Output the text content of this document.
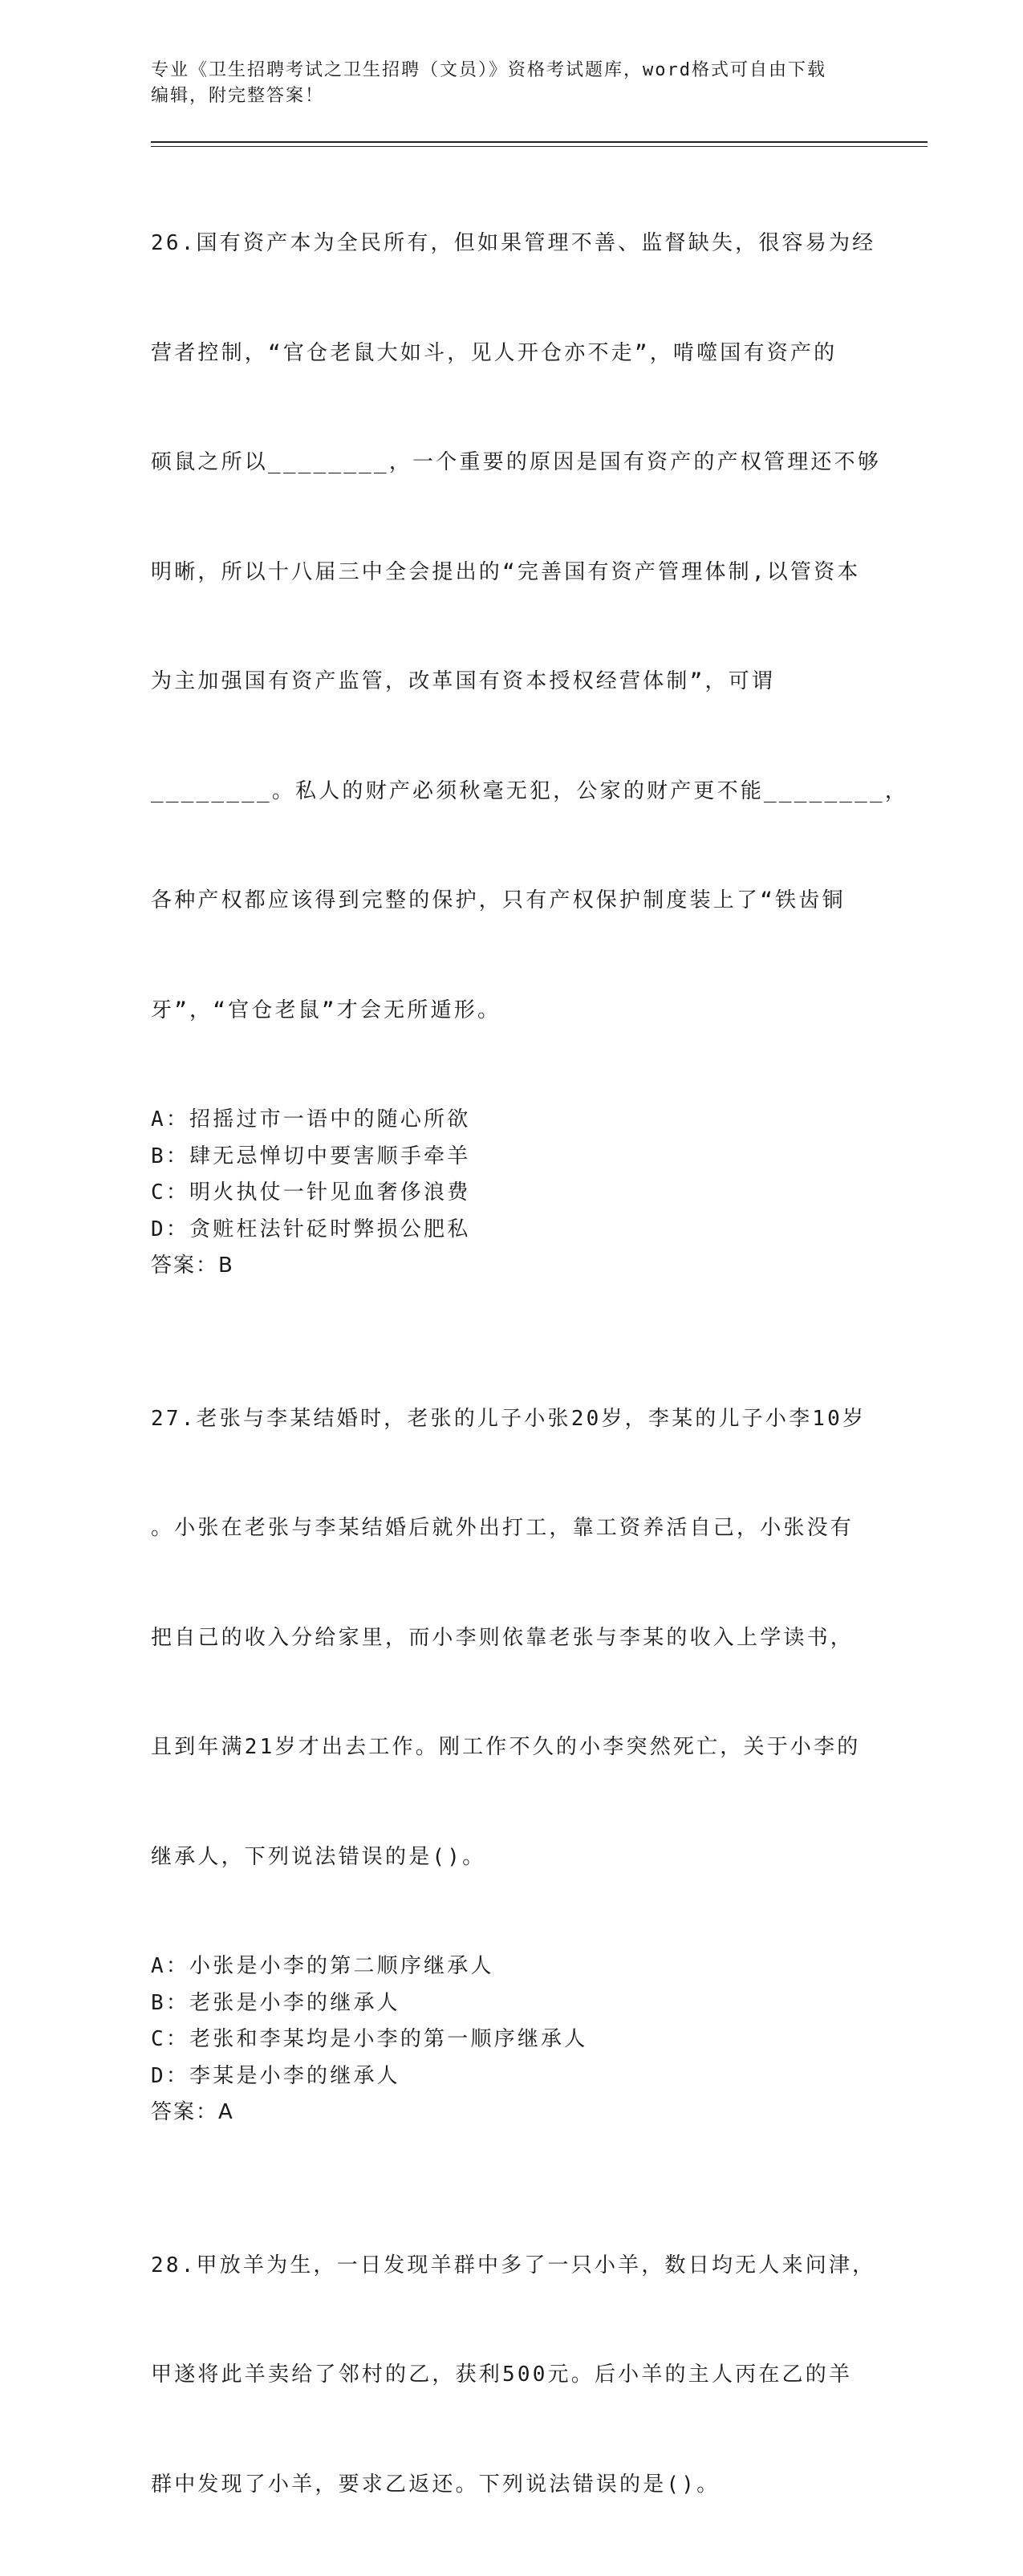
专业《卫生招聘考试之卫生招聘（文员）》资格考试题库，word格式可自由下载
编辑，附完整答案！

26.国有资产本为全民所有，但如果管理不善、监督缺失，很容易为经

营者控制，“官仓老鼠大如斗，见人开仓亦不走”，啃噬国有资产的

硕鼠之所以________，一个重要的原因是国有资产的产权管理还不够

明晰，所以十八届三中全会提出的“完善国有资产管理体制,以管资本

为主加强国有资产监管，改革国有资本授权经营体制”，可谓

________。私人的财产必须秋毫无犯，公家的财产更不能________，

各种产权都应该得到完整的保护，只有产权保护制度装上了“铁齿铜

牙”，“官仓老鼠”才会无所遁形。

A：招摇过市一语中的随心所欲
B：肆无忌惮切中要害顺手牵羊
C：明火执仗一针见血奢侈浪费
D：贪赃枉法针砭时弊损公肥私
答案：B

27.老张与李某结婚时，老张的儿子小张20岁，李某的儿子小李10岁

。小张在老张与李某结婚后就外出打工，靠工资养活自己，小张没有

把自己的收入分给家里，而小李则依靠老张与李某的收入上学读书，

且到年满21岁才出去工作。刚工作不久的小李突然死亡，关于小李的

继承人，下列说法错误的是()。

A：小张是小李的第二顺序继承人
B：老张是小李的继承人
C：老张和李某均是小李的第一顺序继承人
D：李某是小李的继承人
答案：A

28.甲放羊为生，一日发现羊群中多了一只小羊，数日均无人来问津，

甲遂将此羊卖给了邻村的乙，获利500元。后小羊的主人丙在乙的羊

群中发现了小羊，要求乙返还。下列说法错误的是()。
